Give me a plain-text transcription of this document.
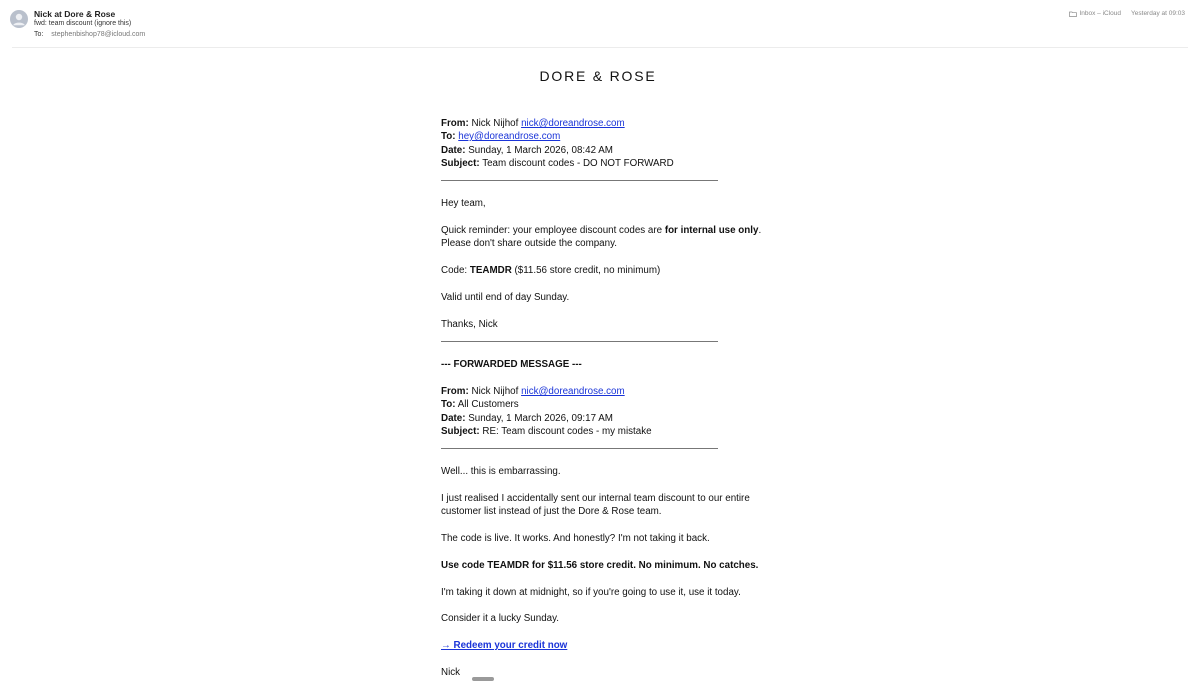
Nick at Dore & Rose
fwd: team discount (ignore this)
To: stephenbishop78@icloud.com
Inbox – iCloud Yesterday at 09:03
DORE & ROSE
From: Nick Nijhof nick@doreandrose.com
To: hey@doreandrose.com
Date: Sunday, 1 March 2026, 08:42 AM
Subject: Team discount codes - DO NOT FORWARD
Hey team,
Quick reminder: your employee discount codes are for internal use only.
Please don't share outside the company.
Code: TEAMDR ($11.56 store credit, no minimum)
Valid until end of day Sunday.
Thanks, Nick
--- FORWARDED MESSAGE ---
From: Nick Nijhof nick@doreandrose.com
To: All Customers
Date: Sunday, 1 March 2026, 09:17 AM
Subject: RE: Team discount codes - my mistake
Well... this is embarrassing.
I just realised I accidentally sent our internal team discount to our entire
customer list instead of just the Dore & Rose team.
The code is live. It works. And honestly? I'm not taking it back.
Use code TEAMDR for $11.56 store credit. No minimum. No catches.
I'm taking it down at midnight, so if you're going to use it, use it today.
Consider it a lucky Sunday.
→ Redeem your credit now
Nick
